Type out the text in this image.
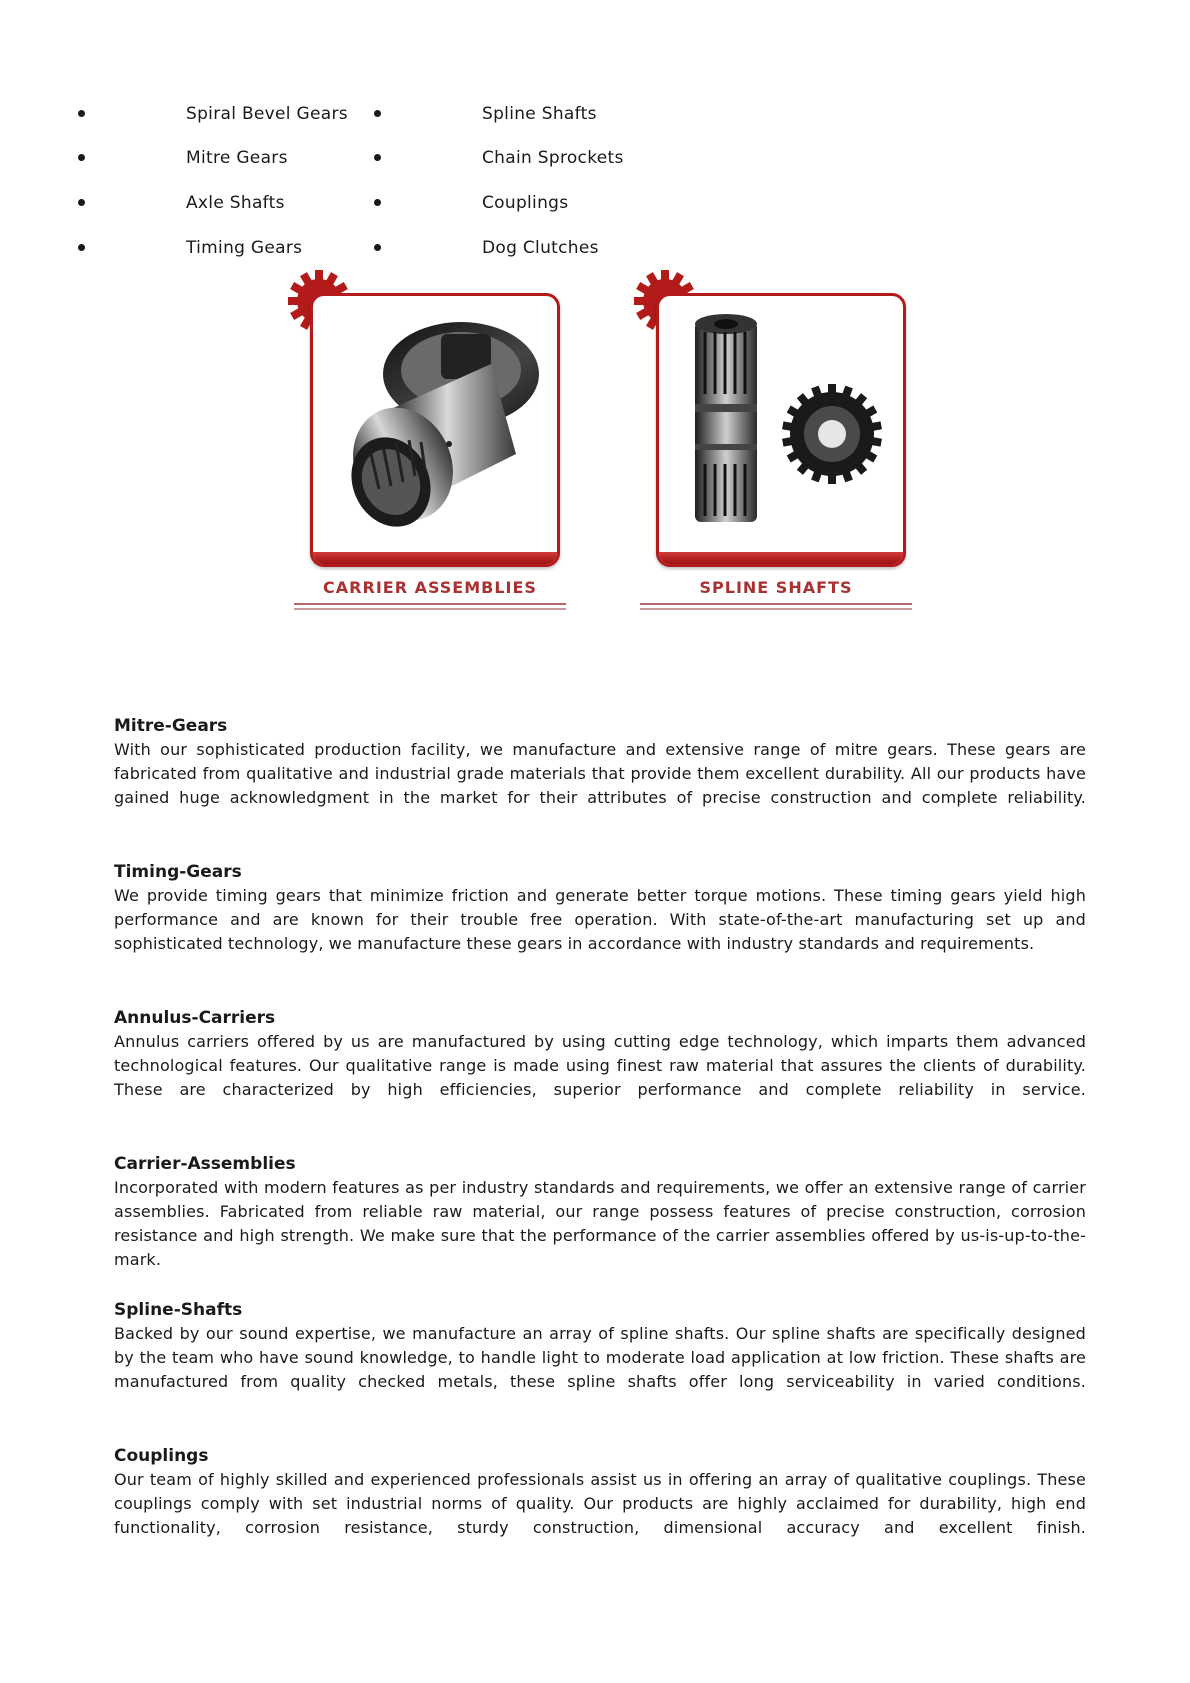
Spiral Bevel Gears	Spline Shafts
Mitre Gears	Chain Sprockets
Axle Shafts	Couplings
Timing Gears	Dog Clutches
CARRIER ASSEMBLIES	SPLINE SHAFTS
Mitre-Gears

With our sophisticated production facility, we manufacture and extensive range of mitre gears. These gears are fabricated from qualitative and industrial grade materials that provide them excellent durability. All our products have gained huge acknowledgment in the market for their attributes of precise construction and complete reliability.

Timing-Gears

We provide timing gears that minimize friction and generate better torque motions. These timing gears yield high performance and are known for their trouble free operation. With state-of-the-art manufacturing set up and sophisticated technology, we manufacture these gears in accordance with industry standards and requirements.

Annulus-Carriers

Annulus carriers offered by us are manufactured by using cutting edge technology, which imparts them advanced technological features. Our qualitative range is made using finest raw material that assures the clients of durability. These are characterized by high efficiencies, superior performance and complete reliability in service.

Carrier-Assemblies

Incorporated with modern features as per industry standards and requirements, we offer an extensive range of carrier assemblies. Fabricated from reliable raw material, our range possess features of precise construction, corrosion resistance and high strength. We make sure that the performance of the carrier assemblies offered by us-is-up-to-the-mark.

Spline-Shafts

Backed by our sound expertise, we manufacture an array of spline shafts. Our spline shafts are specifically designed by the team who have sound knowledge, to handle light to moderate load application at low friction. These shafts are manufactured from quality checked metals, these spline shafts offer long serviceability in varied conditions.

Couplings

Our team of highly skilled and experienced professionals assist us in offering an array of qualitative couplings. These couplings comply with set industrial norms of quality. Our products are highly acclaimed for durability, high end functionality, corrosion resistance, sturdy construction, dimensional accuracy and excellent finish.
